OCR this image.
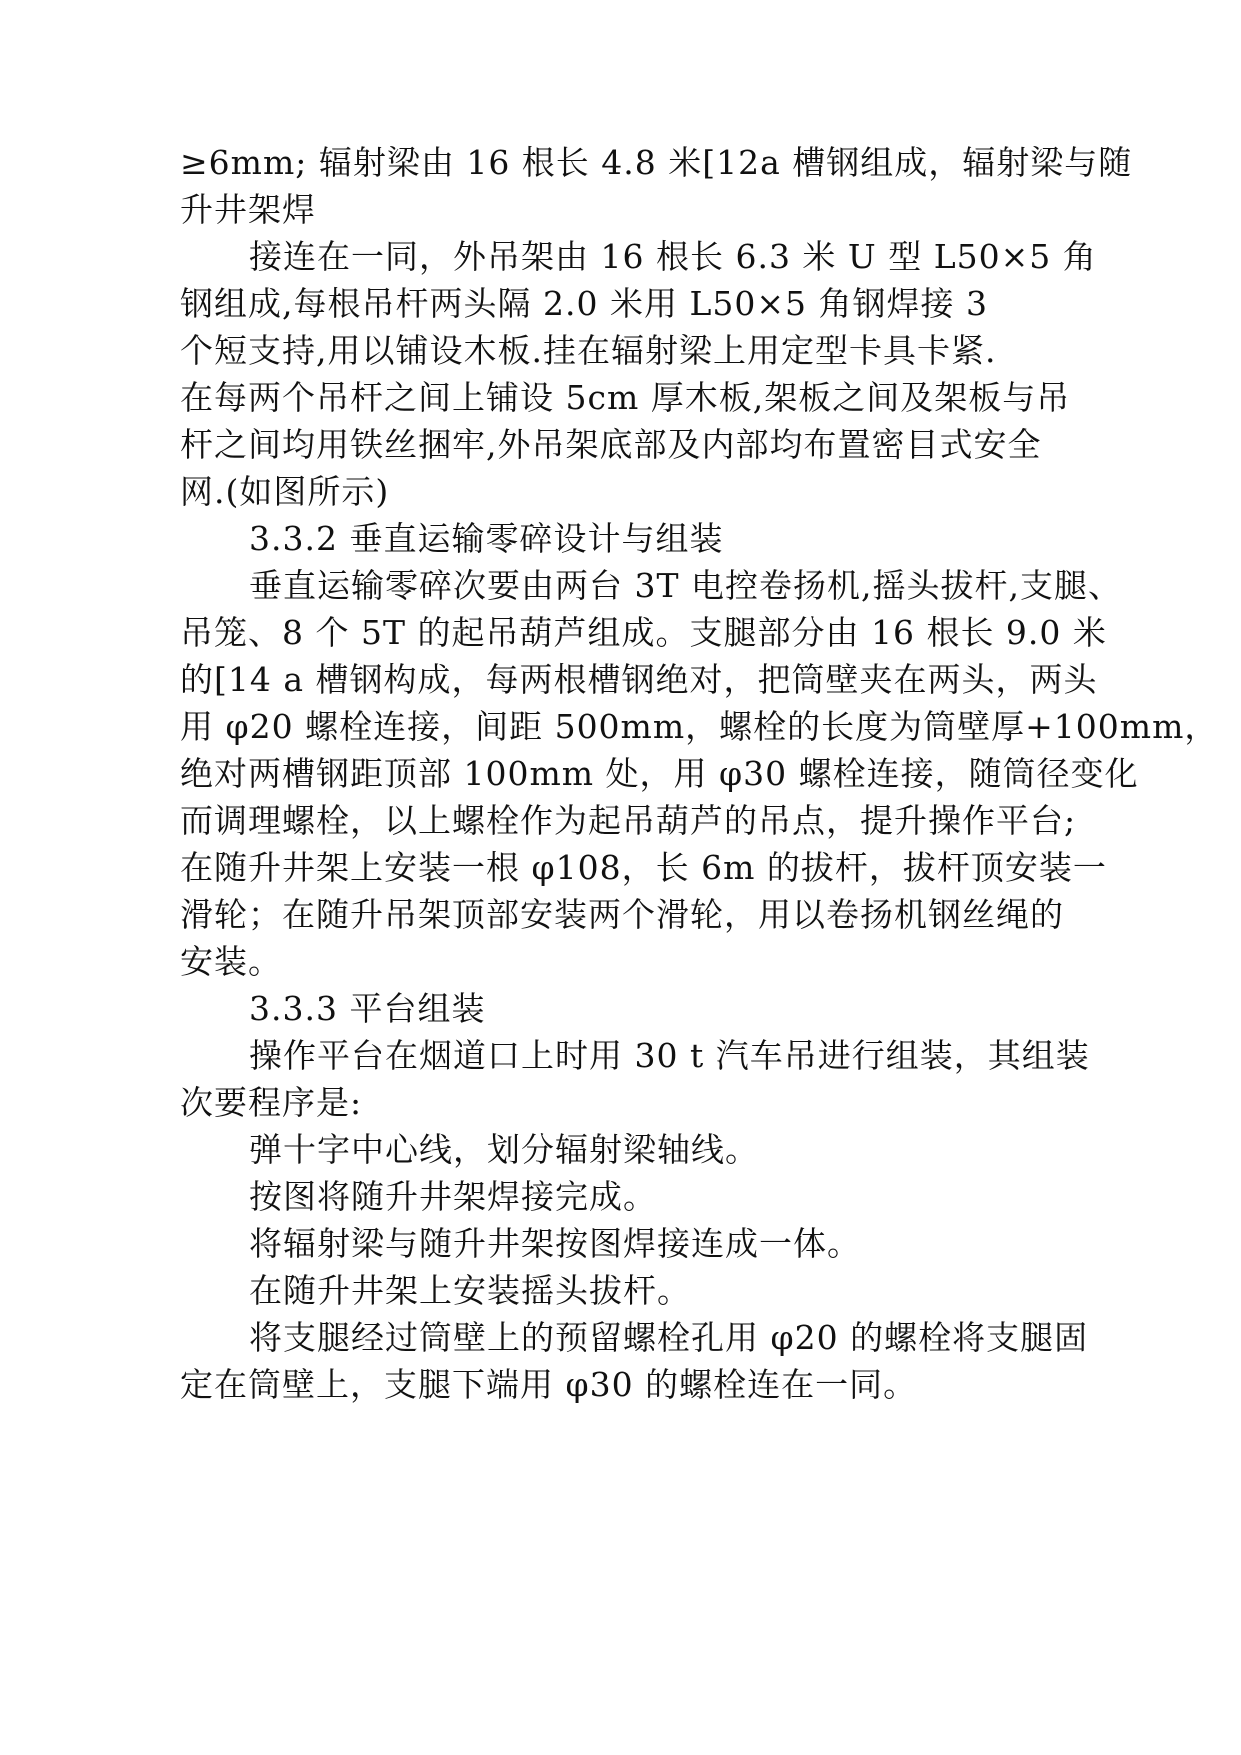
≥6mm; 辐射梁由 16 根长 4.8 米[12a 槽钢组成，辐射梁与随
升井架焊
接连在一同，外吊架由 16 根长 6.3 米 U 型 L50×5 角
钢组成,每根吊杆两头隔 2.0 米用 L50×5 角钢焊接 3
个短支持,用以铺设木板.挂在辐射梁上用定型卡具卡紧.
在每两个吊杆之间上铺设 5cm 厚木板,架板之间及架板与吊
杆之间均用铁丝捆牢,外吊架底部及内部均布置密目式安全
网.(如图所示)
3.3.2 垂直运输零碎设计与组装
垂直运输零碎次要由两台 3T 电控卷扬机,摇头拔杆,支腿、
吊笼、8 个 5T 的起吊葫芦组成。支腿部分由 16 根长 9.0 米
的[14 a 槽钢构成，每两根槽钢绝对，把筒壁夹在两头，两头
用 φ20 螺栓连接，间距 500mm，螺栓的长度为筒壁厚+100mm，
绝对两槽钢距顶部 100mm 处，用 φ30 螺栓连接，随筒径变化
而调理螺栓，以上螺栓作为起吊葫芦的吊点，提升操作平台;
在随升井架上安装一根 φ108，长 6m 的拔杆，拔杆顶安装一
滑轮；在随升吊架顶部安装两个滑轮，用以卷扬机钢丝绳的
安装。
3.3.3 平台组装
操作平台在烟道口上时用 30 t 汽车吊进行组装，其组装
次要程序是:
弹十字中心线，划分辐射梁轴线。
按图将随升井架焊接完成。
将辐射梁与随升井架按图焊接连成一体。
在随升井架上安装摇头拔杆。
将支腿经过筒壁上的预留螺栓孔用 φ20 的螺栓将支腿固
定在筒壁上，支腿下端用 φ30 的螺栓连在一同。
